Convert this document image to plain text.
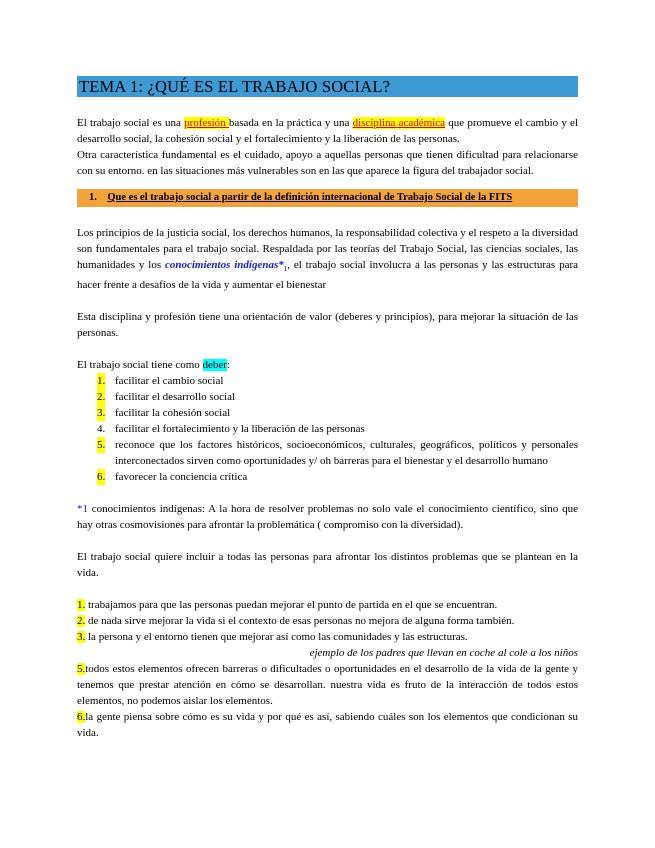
TEMA 1: ¿QUÉ ES EL TRABAJO SOCIAL?

El trabajo social es una profesión basada en la práctica y una disciplina académica que promueve el cambio y el desarrollo social, la cohesión social y el fortalecimiento y la liberación de las personas.

Otra característica fundamental es el cuidado, apoyo a aquellas personas que tienen dificultad para relacionarse con su entorno. en las situaciones más vulnerables son en las que aparece la figura del trabajador social.

1. Que es el trabajo social a partir de la definición internacional de Trabajo Social de la FITS

Los principios de la justicia social, los derechos humanos, la responsabilidad colectiva y el respeto a la diversidad son fundamentales para el trabajo social. Respaldada por las teorías del Trabajo Social, las ciencias sociales, las humanidades y los conocimientos $indígenas*_1$, el trabajo social involucra a las personas y las estructuras para hacer frente a desafíos de la vida y aumentar el bienestar

Esta disciplina y profesión tiene una orientación de valor (deberes y principios), para mejorar la situación de las personas.

El trabajo social tiene como deber:

1. facilitar el cambio social
2. facilitar el desarrollo social
3. facilitar la cohesión social
4. facilitar el fortalecimiento y la liberación de las personas
5. reconoce que los factores históricos, socioeconómicos, culturales, geográficos, políticos y personales interconectados sirven como oportunidades y/ oh barreras para el bienestar y el desarrollo humano
6. favorecer la conciencia crítica

*1 conocimientos indígenas: A la hora de resolver problemas no solo vale el conocimiento científico, sino que hay otras cosmovisiones para afrontar la problemática ( compromiso con la diversidad).

El trabajo social quiere incluir a todas las personas para afrontar los distintos problemas que se plantean en la vida.

1. trabajamos para que las personas puedan mejorar el punto de partida en el que se encuentran.

2. de nada sirve mejorar la vida si el contexto de esas personas no mejora de alguna forma también.

3. la persona y el entorno tienen que mejorar así como las comunidades y las estructuras.

ejemplo de los padres que llevan en coche al cole a los niños

5.todos estos elementos ofrecen barreras o dificultades o oportunidades en el desarrollo de la vida de la gente y tenemos que prestar atención en cómo se desarrollan. nuestra vida es fruto de la interacción de todos estos elementos, no podemos aislar los elementos.

6.la gente piensa sobre cómo es su vida y por qué es así, sabiendo cuáles son los elementos que condicionan su vida.
